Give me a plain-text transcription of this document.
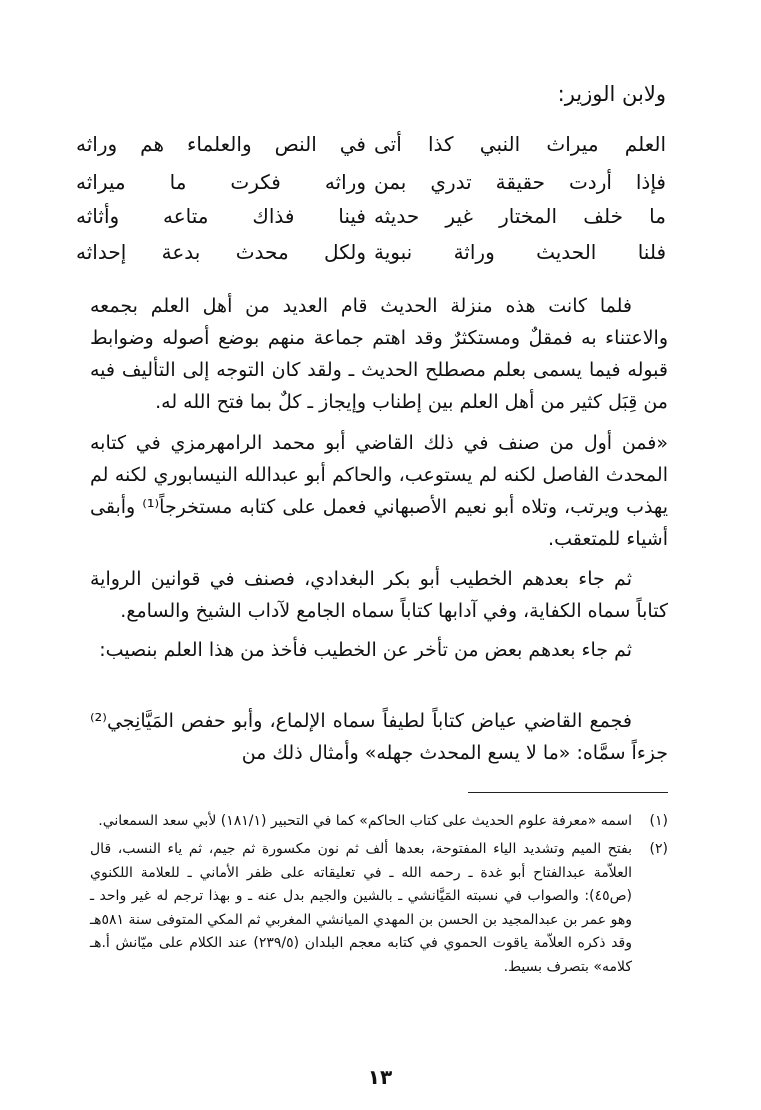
ولابن الوزير:
العلم ميراث النبي كذا أتى
في النص والعلماء هم وراثه
فإذا أردت حقيقة تدري بمن
وراثه فكرت ما ميراثه
ما خلف المختار غير حديثه
فينا فذاك متاعه وأثاثه
فلنا الحديث وراثة نبوية
ولكل محدث بدعة إحداثه

فلما كانت هذه منزلة الحديث قام العديد من أهل العلم بجمعه والاعتناء به فمقلٌ ومستكثرٌ وقد اهتم جماعة منهم بوضع أصوله وضوابط قبوله فيما يسمى بعلم مصطلح الحديث ـ ولقد كان التوجه إلى التأليف فيه من قِبَل كثير من أهل العلم بين إطناب وإيجاز ـ كلٌ بما فتح الله له.

«فمن أول من صنف في ذلك القاضي أبو محمد الرامهرمزي في كتابه المحدث الفاصل لكنه لم يستوعب، والحاكم أبو عبدالله النيسابوري لكنه لم يهذب ويرتب، وتلاه أبو نعيم الأصبهاني فعمل على كتابه مستخرجاً⁽¹⁾ وأبقى أشياء للمتعقب.

ثم جاء بعدهم الخطيب أبو بكر البغدادي، فصنف في قوانين الرواية كتاباً سماه الكفاية، وفي آدابها كتاباً سماه الجامع لآداب الشيخ والسامع.

ثم جاء بعدهم بعض من تأخر عن الخطيب فأخذ من هذا العلم بنصيب:

فجمع القاضي عياض كتاباً لطيفاً سماه الإلماع، وأبو حفص المَيَّانِجي⁽²⁾ جزءاً سمَّاه: «ما لا يسع المحدث جهله» وأمثال ذلك من

(١)
اسمه «معرفة علوم الحديث على كتاب الحاكم» كما في التحبير (١٨١/١) لأبي سعد السمعاني.
(٢)
بفتح الميم وتشديد الياء المفتوحة، بعدها ألف ثم نون مكسورة ثم جيم، ثم ياء النسب، قال العلاّمة عبدالفتاح أبو غدة ـ رحمه الله ـ في تعليقاته على ظفر الأماني ـ للعلامة اللكنوي (ص٤٥): والصواب في نسبته المَيَّانشي ـ بالشين والجيم بدل عنه ـ و بهذا ترجم له غير واحد ـ وهو عمر بن عبدالمجيد بن الحسن بن المهدي الميانشي المغربي ثم المكي المتوفى سنة ٥٨١هـ وقد ذكره العلاّمة ياقوت الحموي في كتابه معجم البلدان (٢٣٩/٥) عند الكلام على ميّانش أ.هـ كلامه» بتصرف بسيط.
١٣
